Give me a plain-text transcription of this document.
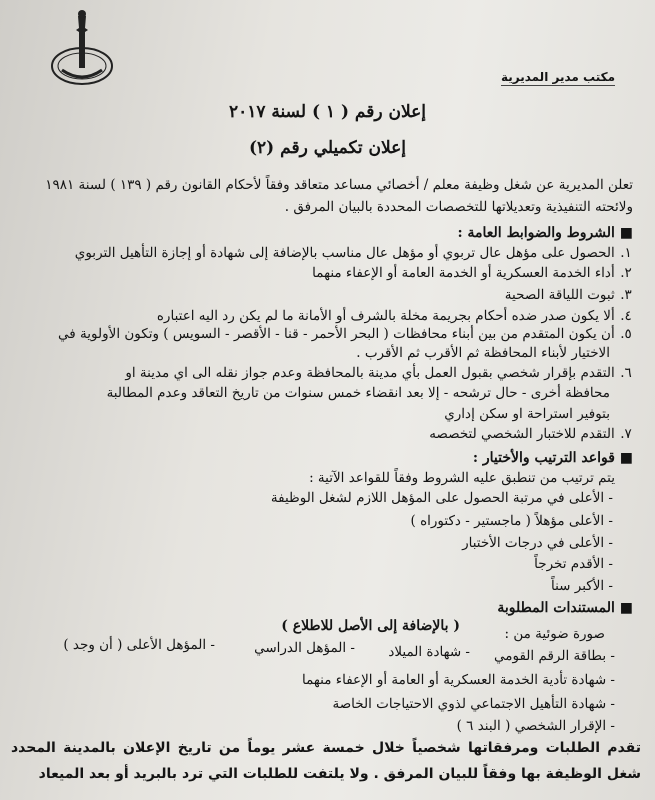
مكتب مدير المديرية
إعلان رقم ( ١ ) لسنة ٢٠١٧
إعلان تكميلي رقم (٢)
تعلن المديرية عن شغل وظيفة معلم / أخصائي مساعد متعاقد وفقاً لأحكام القانون رقم ( ١٣٩ ) لسنة ١٩٨١ ولائحته التنفيذية وتعديلاتها للتخصصات المحددة بالبيان المرفق .
■ الشروط والضوابط العامة :
١. الحصول على مؤهل عال تربوي أو مؤهل عال مناسب بالإضافة إلى شهادة أو إجازة التأهيل التربوي
٢. أداء الخدمة العسكرية أو الخدمة العامة أو الإعفاء منهما
٣. ثبوت اللياقة الصحية
٤. ألا يكون صدر ضده أحكام بجريمة مخلة بالشرف أو الأمانة ما لم يكن رد اليه اعتباره
٥. أن يكون المتقدم من بين أبناء محافظات ( البحر الأحمر - قنا - الأقصر - السويس ) وتكون الأولوية في
الاختيار لأبناء المحافظة ثم الأقرب ثم الأقرب .
٦. التقدم بإقرار شخصي بقبول العمل بأي مدينة بالمحافظة وعدم جواز نقله الى اي مدينة او
محافظة أخرى - حال ترشحه - إلا بعد انقضاء خمس سنوات من تاريخ التعاقد وعدم المطالبة
بتوفير استراحة او سكن إداري
٧. التقدم للاختبار الشخصي لتخصصه
■ قواعد الترتيب والأختيار :
يتم ترتيب من تنطبق عليه الشروط وفقاً للقواعد الآتية :
- الأعلى في مرتبة الحصول على المؤهل اللازم لشغل الوظيفة
- الأعلى مؤهلاً ( ماجستير - دكتوراه )
- الأعلى في درجات الأختبار
- الأقدم تخرجاً
- الأكبر سناً
■ المستندات المطلوبة
( بالإضافة إلى الأصل للاطلاع )	صورة ضوئية من :
- بطاقة الرقم القومي
- شهادة الميلاد
- المؤهل الدراسي
- المؤهل الأعلى ( أن وجد )
- شهادة تأدية الخدمة العسكرية أو العامة أو الإعفاء منهما
- شهادة التأهيل الاجتماعي لذوي الاحتياجات الخاصة
- الإقرار الشخصي ( البند ٦ )
تقدم الطلبات ومرفقاتها شخصياً خلال خمسة عشر يوماً من تاريخ الإعلان بالمدينة المحدد شغل الوظيفة بها وفقاً للبيان المرفق . ولا يلتفت للطلبات التي ترد بالبريد أو بعد الميعاد
